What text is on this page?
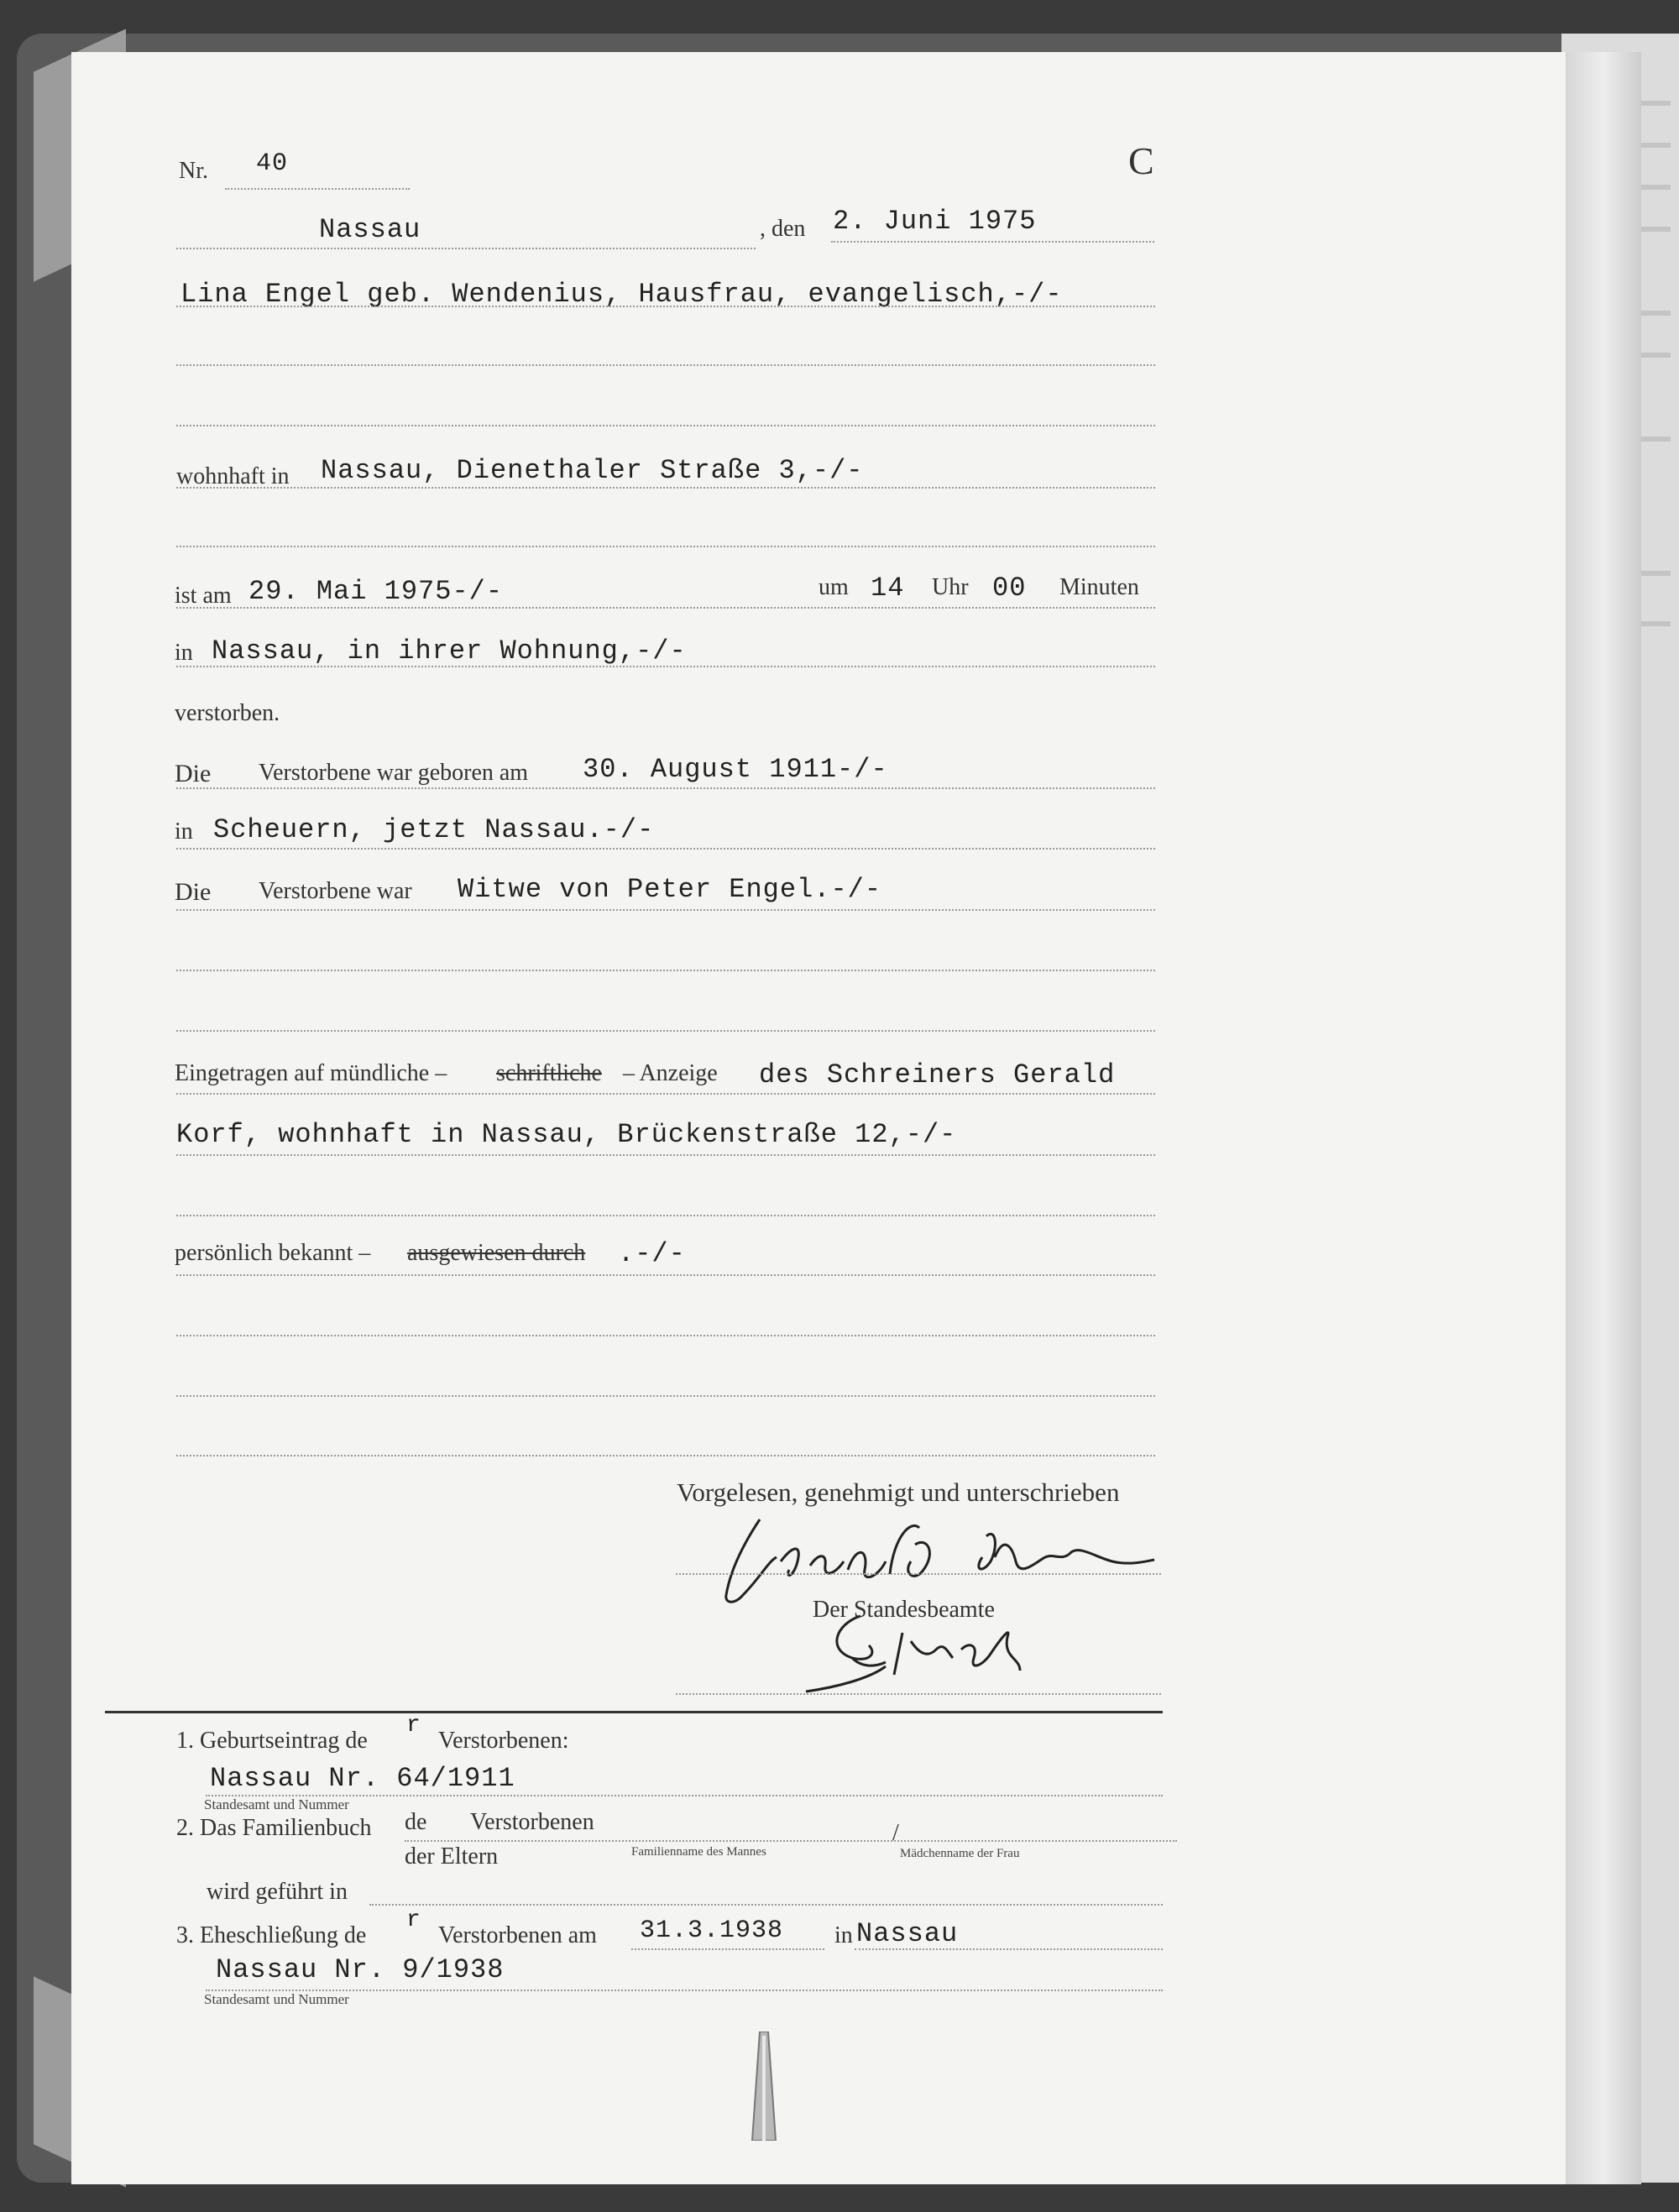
Nr. 40	C
Nassau	, den 2. Juni 1975
Lina Engel geb. Wendenius, Hausfrau, evangelisch,-/-
wohnhaft in Nassau, Dienethaler Straße 3,-/-
ist am 29. Mai 1975-/-	um 14 Uhr 00 Minuten
in Nassau, in ihrer Wohnung,-/-
verstorben.
Die Verstorbene war geboren am 30. August 1911-/-
in Scheuern, jetzt Nassau.-/-
Die Verstorbene war Witwe von Peter Engel.-/-
Eingetragen auf mündliche – schriftliche – Anzeige des Schreiners Gerald
Korf, wohnhaft in Nassau, Brückenstraße 12,-/-
persönlich bekannt – ausgewiesen durch .-/-
Vorgelesen, genehmigt und unterschrieben
Der Standesbeamte
1. Geburtseintrag de
r
Verstorbenen:
Nassau Nr. 64/1911
Standesamt und Nummer
2. Das Familienbuch de Verstorbenen
der Eltern	Familienname des Mannes
/
Mädchenname der Frau
wird geführt in
3. Eheschließung de
r
Verstorbenen am 31.3.1938 in Nassau
Nassau Nr. 9/1938
Standesamt und Nummer
